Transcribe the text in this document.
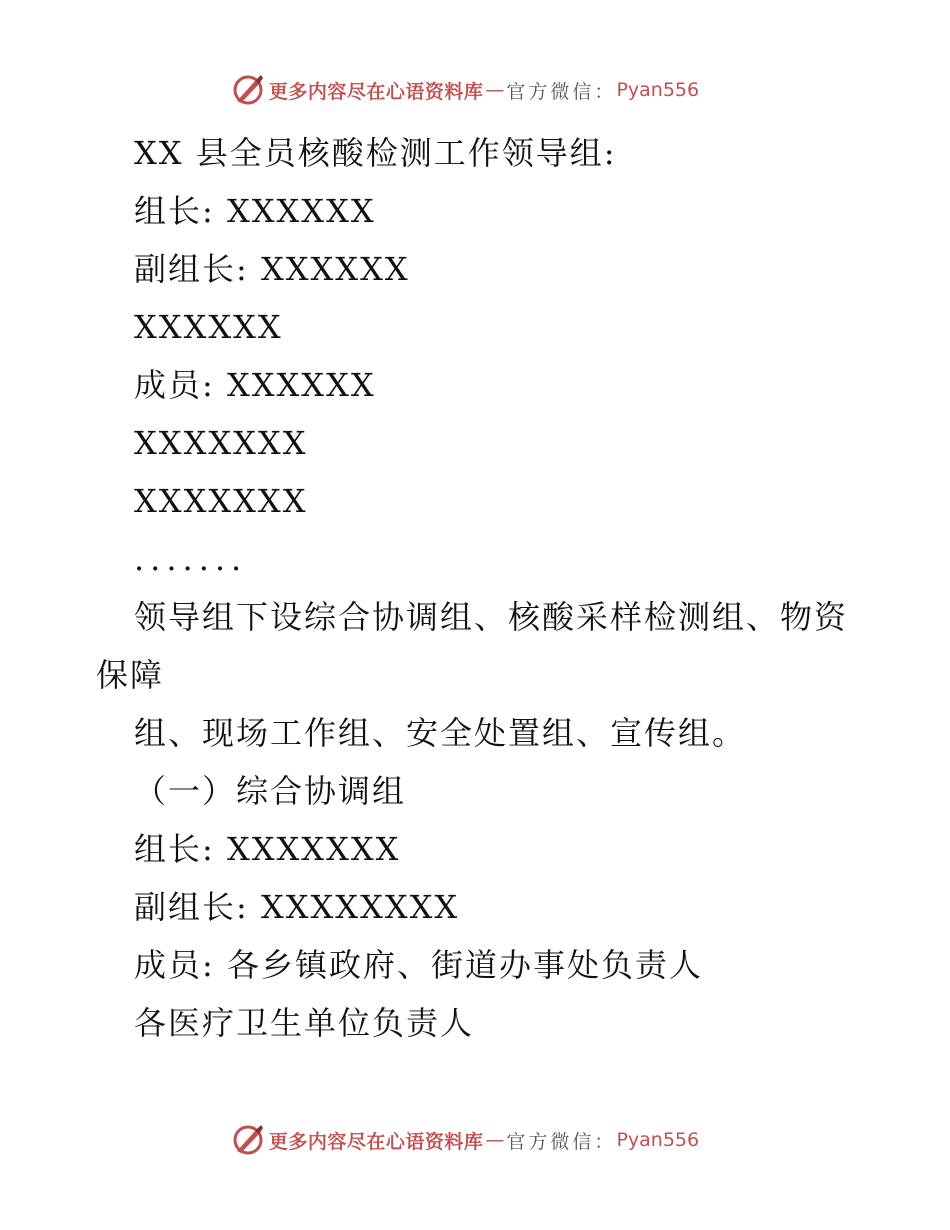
更多内容尽在心语资料库 — 官方微信： Pyan556
XX 县全员核酸检测工作领导组:
组长: XXXXXX
副组长: XXXXXX
XXXXXX
成员: XXXXXX
XXXXXXX
XXXXXXX
.......
领导组下设综合协调组、核酸采样检测组、物资
保障
组、现场工作组、安全处置组、宣传组。
（一）综合协调组
组长: XXXXXXX
副组长: XXXXXXXX
成员: 各乡镇政府、街道办事处负责人
各医疗卫生单位负责人
更多内容尽在心语资料库 — 官方微信： Pyan556
